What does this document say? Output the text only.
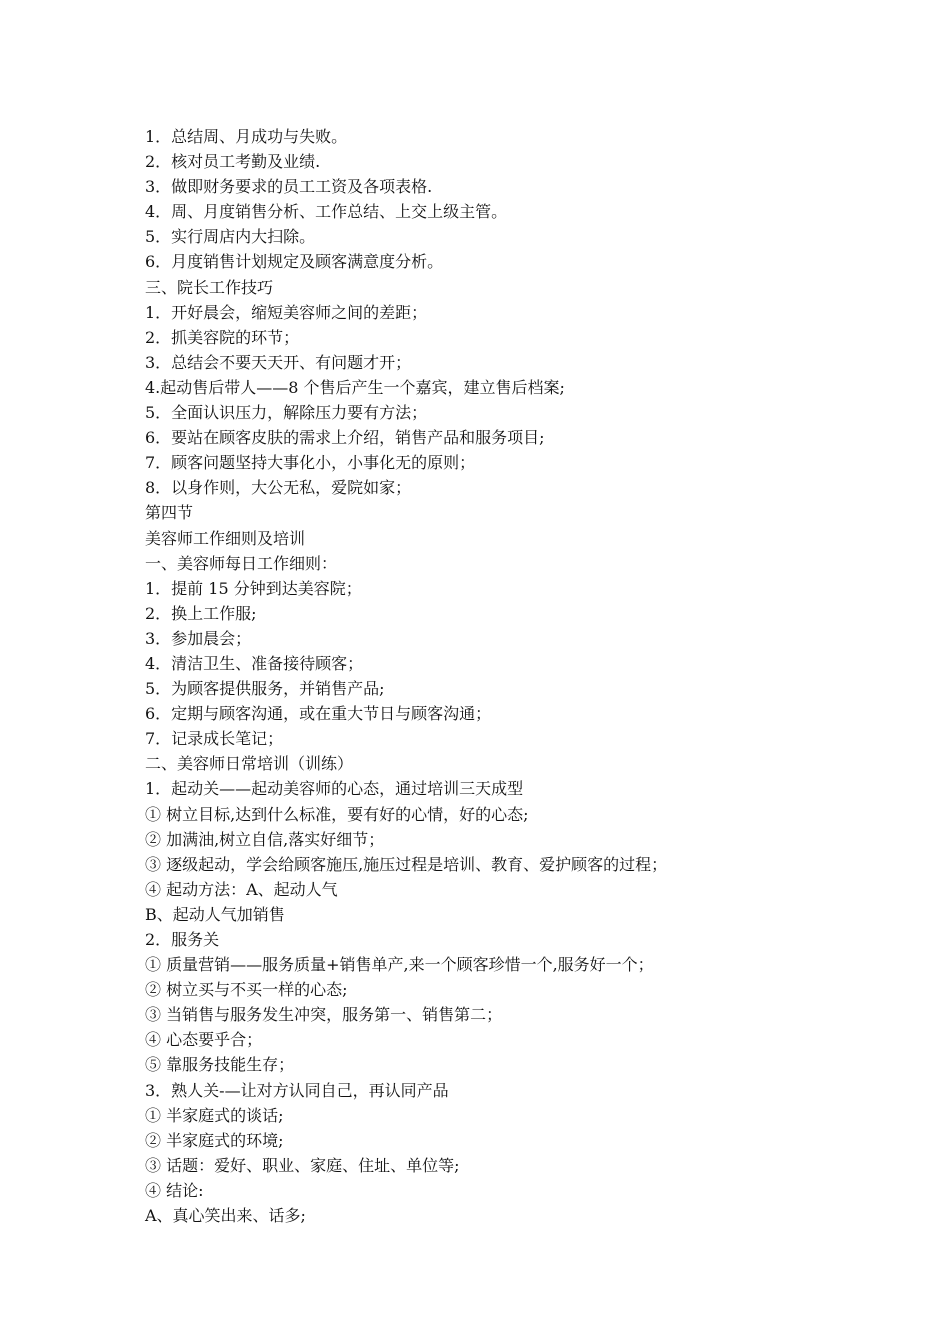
1．总结周、月成功与失败。
2．核对员工考勤及业绩.
3．做即财务要求的员工工资及各项表格.
4．周、月度销售分析、工作总结、上交上级主管。
5．实行周店内大扫除。
6．月度销售计划规定及顾客满意度分析。
三、院长工作技巧
1．开好晨会，缩短美容师之间的差距；
2．抓美容院的环节；
3．总结会不要天天开、有问题才开；
4.起动售后带人——8 个售后产生一个嘉宾，建立售后档案;
5．全面认识压力，解除压力要有方法；
6．要站在顾客皮肤的需求上介绍，销售产品和服务项目;
7．顾客问题坚持大事化小，小事化无的原则；
8．以身作则，大公无私，爱院如家；
第四节
美容师工作细则及培训
一、美容师每日工作细则：
1．提前 15 分钟到达美容院；
2．换上工作服;
3．参加晨会；
4．清洁卫生、准备接待顾客；
5．为顾客提供服务，并销售产品;
6．定期与顾客沟通，或在重大节日与顾客沟通；
7．记录成长笔记；
二、美容师日常培训（训练）
1．起动关——起动美容师的心态，通过培训三天成型
① 树立目标,达到什么标准，要有好的心情，好的心态;
② 加满油,树立自信,落实好细节；
③ 逐级起动，学会给顾客施压,施压过程是培训、教育、爱护顾客的过程；
④ 起动方法：A、起动人气
B、起动人气加销售
2．服务关
① 质量营销——服务质量+销售单产,来一个顾客珍惜一个,服务好一个；
② 树立买与不买一样的心态;
③ 当销售与服务发生冲突，服务第一、销售第二；
④ 心态要乎合；
⑤ 靠服务技能生存；
3．熟人关-—让对方认同自己，再认同产品
① 半家庭式的谈话;
② 半家庭式的环境;
③ 话题：爱好、职业、家庭、住址、单位等;
④ 结论:
A、真心笑出来、话多;
